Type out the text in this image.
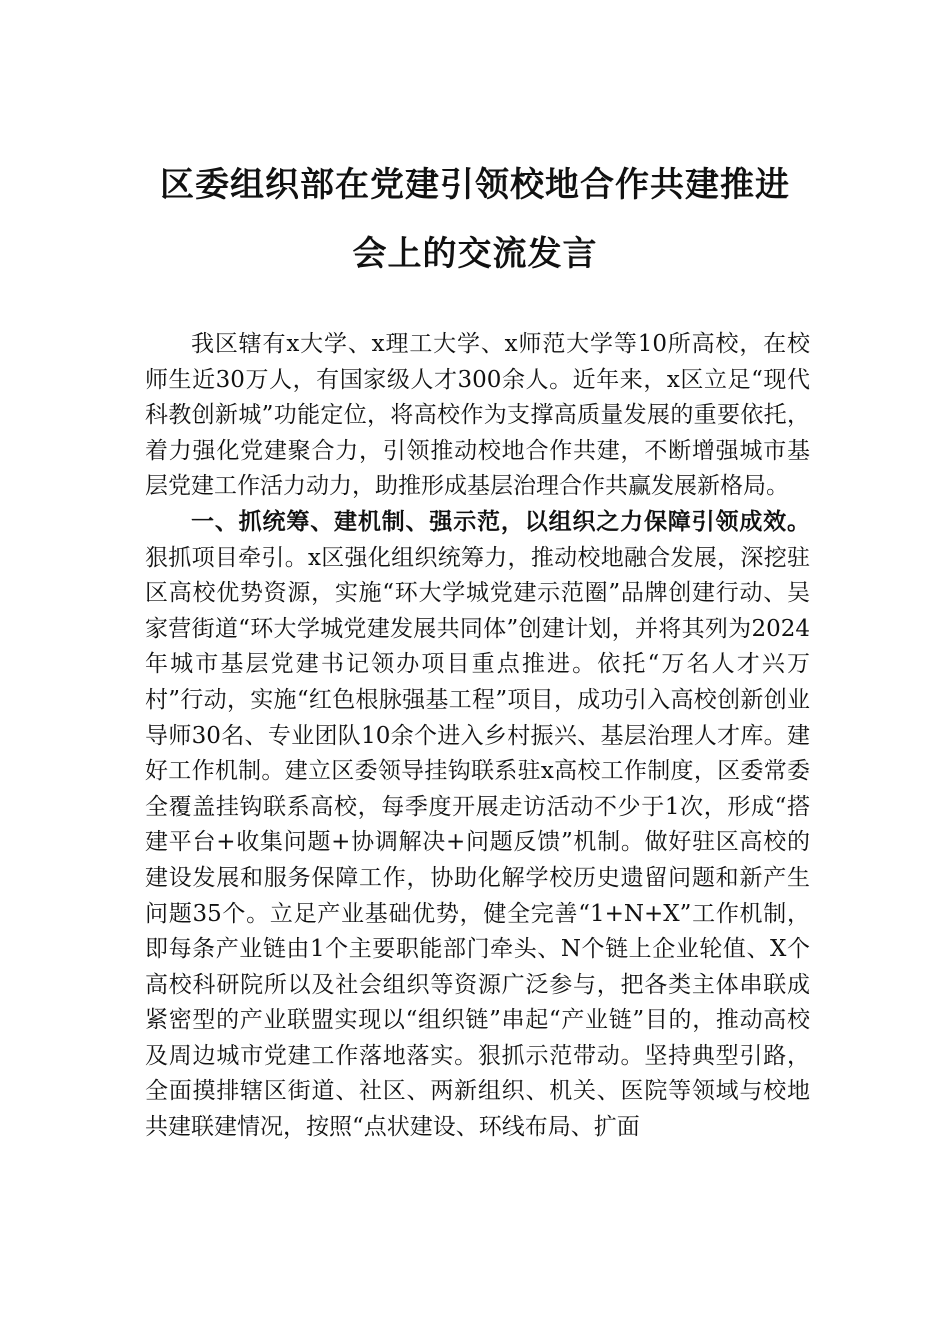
区委组织部在党建引领校地合作共建推进
会上的交流发言

我区辖有x大学、x理工大学、x师范大学等10所高校，在校师生近30万人，有国家级人才300余人。近年来，x区立足“现代科教创新城”功能定位，将高校作为支撑高质量发展的重要依托，着力强化党建聚合力，引领推动校地合作共建，不断增强城市基层党建工作活力动力，助推形成基层治理合作共赢发展新格局。

一、抓统筹、建机制、强示范，以组织之力保障引领成效。狠抓项目牵引。x区强化组织统筹力，推动校地融合发展，深挖驻区高校优势资源，实施“环大学城党建示范圈”品牌创建行动、吴家营街道“环大学城党建发展共同体”创建计划，并将其列为2024年城市基层党建书记领办项目重点推进。依托“万名人才兴万村”行动，实施“红色根脉强基工程”项目，成功引入高校创新创业导师30名、专业团队10余个进入乡村振兴、基层治理人才库。建好工作机制。建立区委领导挂钩联系驻x高校工作制度，区委常委全覆盖挂钩联系高校，每季度开展走访活动不少于1次，形成“搭建平台+收集问题+协调解决+问题反馈”机制。做好驻区高校的建设发展和服务保障工作，协助化解学校历史遗留问题和新产生问题35个。立足产业基础优势，健全完善“1+N+X”工作机制，即每条产业链由1个主要职能部门牵头、N个链上企业轮值、X个高校科研院所以及社会组织等资源广泛参与，把各类主体串联成紧密型的产业联盟实现以“组织链”串起“产业链”目的，推动高校及周边城市党建工作落地落实。狠抓示范带动。坚持典型引路，全面摸排辖区街道、社区、两新组织、机关、医院等领域与校地共建联建情况，按照“点状建设、环线布局、扩面
